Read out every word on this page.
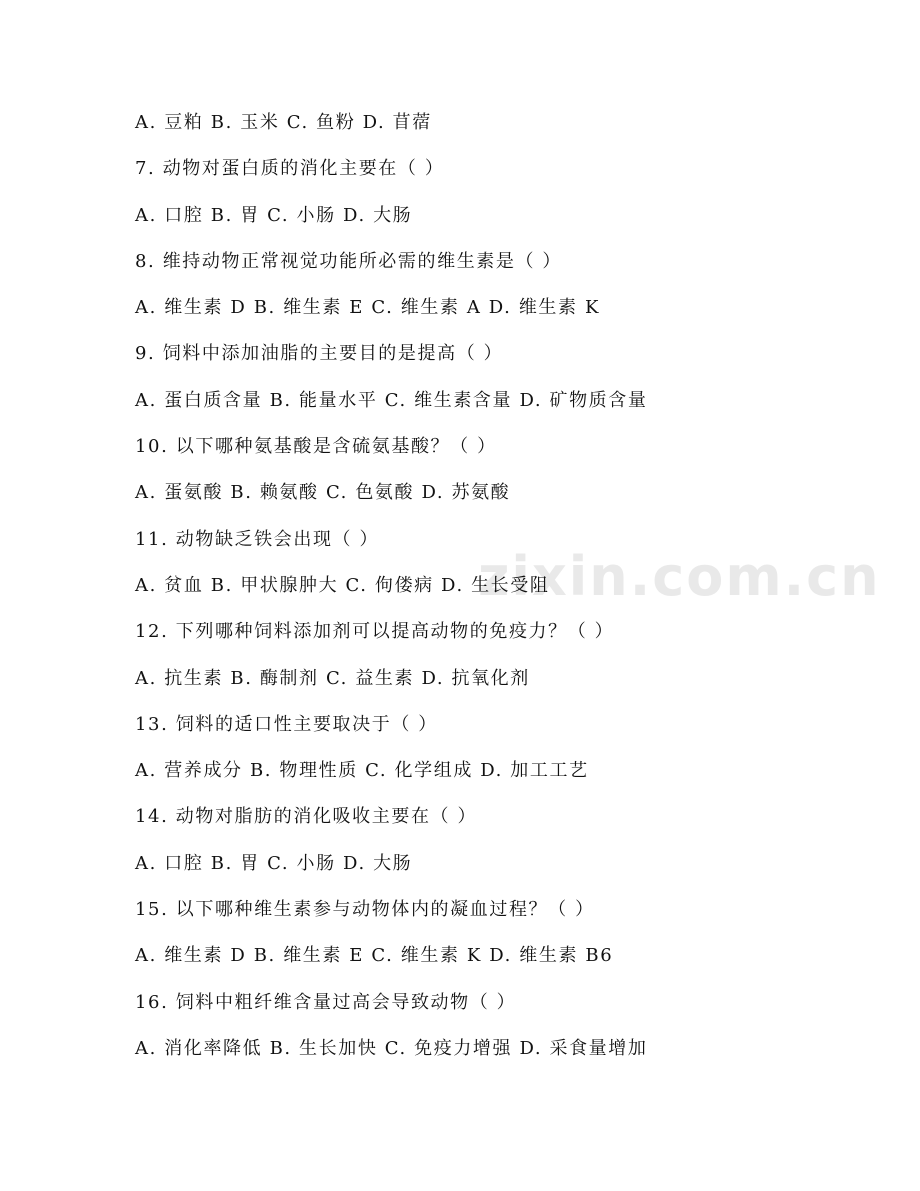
zixin.com.cn
A. 豆粕 B. 玉米 C. 鱼粉 D. 苜蓿
7. 动物对蛋白质的消化主要在（ ）
A. 口腔 B. 胃 C. 小肠 D. 大肠
8. 维持动物正常视觉功能所必需的维生素是（ ）
A. 维生素 D B. 维生素 E C. 维生素 A D. 维生素 K
9. 饲料中添加油脂的主要目的是提高（ ）
A. 蛋白质含量 B. 能量水平 C. 维生素含量 D. 矿物质含量
10. 以下哪种氨基酸是含硫氨基酸？（ ）
A. 蛋氨酸 B. 赖氨酸 C. 色氨酸 D. 苏氨酸
11. 动物缺乏铁会出现（ ）
A. 贫血 B. 甲状腺肿大 C. 佝偻病 D. 生长受阻
12. 下列哪种饲料添加剂可以提高动物的免疫力？（ ）
A. 抗生素 B. 酶制剂 C. 益生素 D. 抗氧化剂
13. 饲料的适口性主要取决于（ ）
A. 营养成分 B. 物理性质 C. 化学组成 D. 加工工艺
14. 动物对脂肪的消化吸收主要在（ ）
A. 口腔 B. 胃 C. 小肠 D. 大肠
15. 以下哪种维生素参与动物体内的凝血过程？（ ）
A. 维生素 D B. 维生素 E C. 维生素 K D. 维生素 B6
16. 饲料中粗纤维含量过高会导致动物（ ）
A. 消化率降低 B. 生长加快 C. 免疫力增强 D. 采食量增加
